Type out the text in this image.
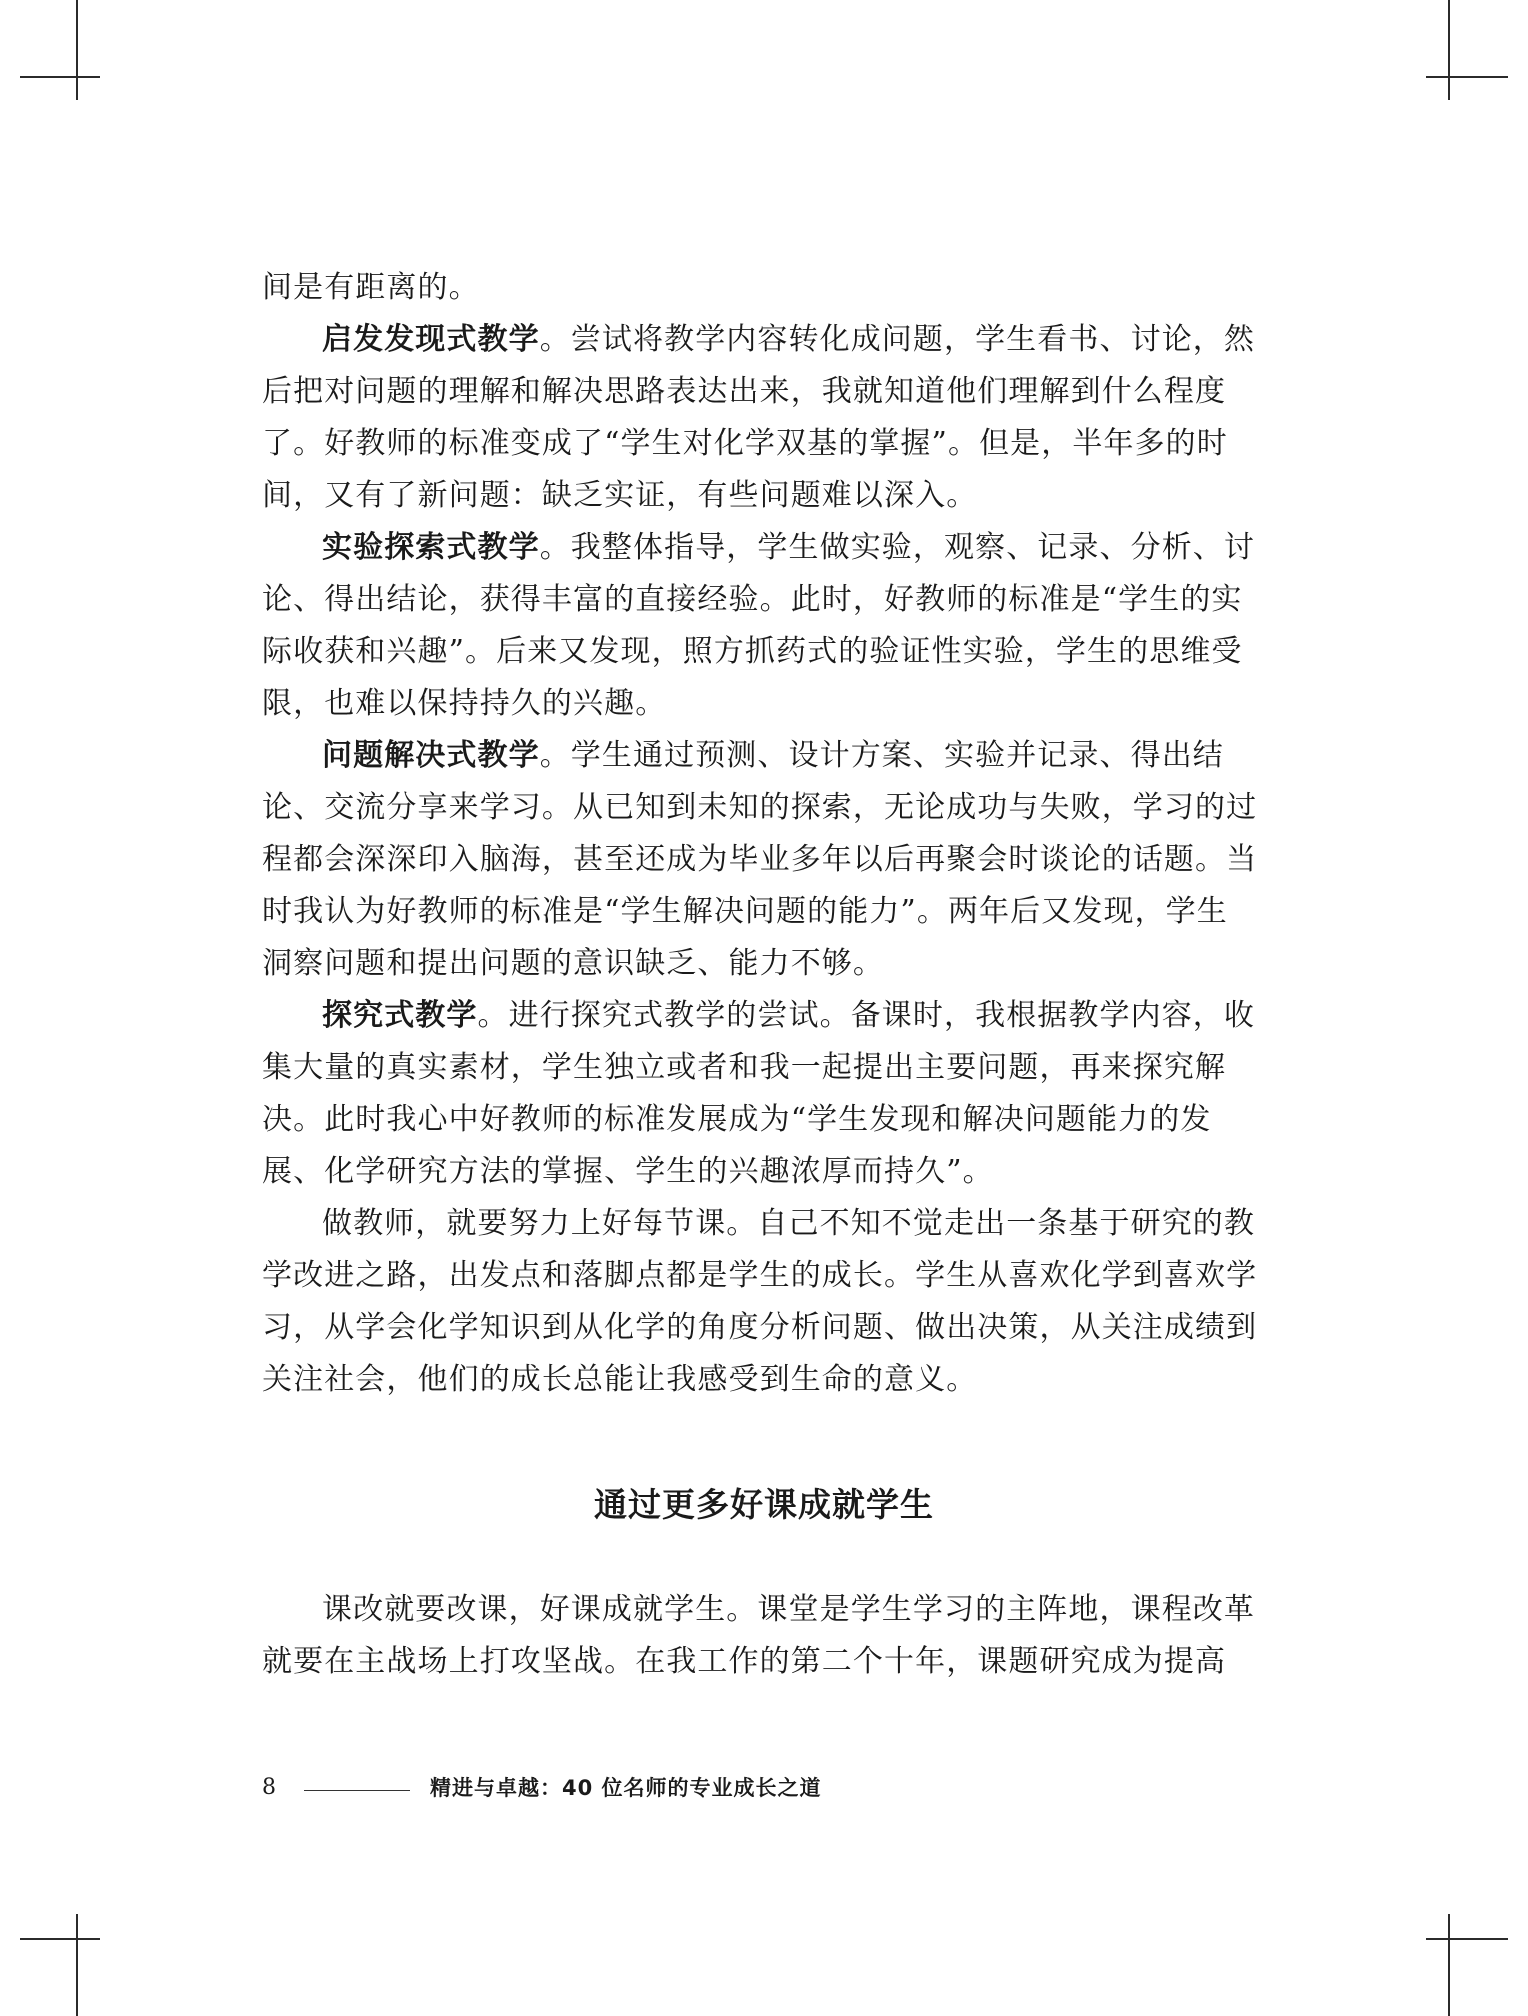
间是有距离的。
启发发现式教学。尝试将教学内容转化成问题，学生看书、讨论，然
后把对问题的理解和解决思路表达出来，我就知道他们理解到什么程度
了。好教师的标准变成了“学生对化学双基的掌握”。但是，半年多的时
间，又有了新问题：缺乏实证，有些问题难以深入。
实验探索式教学。我整体指导，学生做实验，观察、记录、分析、讨
论、得出结论，获得丰富的直接经验。此时，好教师的标准是“学生的实
际收获和兴趣”。后来又发现，照方抓药式的验证性实验，学生的思维受
限，也难以保持持久的兴趣。
问题解决式教学。学生通过预测、设计方案、实验并记录、得出结
论、交流分享来学习。从已知到未知的探索，无论成功与失败，学习的过
程都会深深印入脑海，甚至还成为毕业多年以后再聚会时谈论的话题。当
时我认为好教师的标准是“学生解决问题的能力”。两年后又发现，学生
洞察问题和提出问题的意识缺乏、能力不够。
探究式教学。进行探究式教学的尝试。备课时，我根据教学内容，收
集大量的真实素材，学生独立或者和我一起提出主要问题，再来探究解
决。此时我心中好教师的标准发展成为“学生发现和解决问题能力的发
展、化学研究方法的掌握、学生的兴趣浓厚而持久”。
做教师，就要努力上好每节课。自己不知不觉走出一条基于研究的教
学改进之路，出发点和落脚点都是学生的成长。学生从喜欢化学到喜欢学
习，从学会化学知识到从化学的角度分析问题、做出决策，从关注成绩到
关注社会，他们的成长总能让我感受到生命的意义。
通过更多好课成就学生
课改就要改课，好课成就学生。课堂是学生学习的主阵地，课程改革
就要在主战场上打攻坚战。在我工作的第二个十年，课题研究成为提高
8	精进与卓越：40 位名师的专业成长之道
